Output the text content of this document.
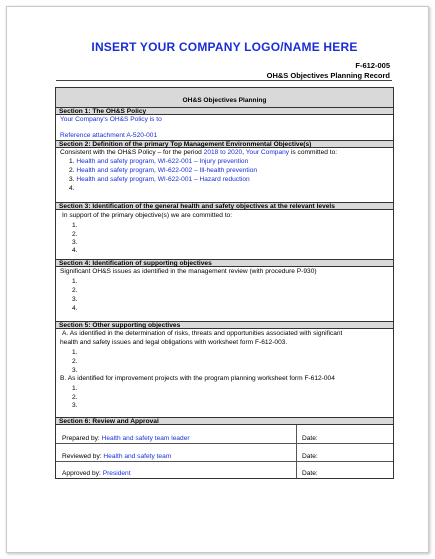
INSERT YOUR COMPANY LOGO/NAME HERE
F-612-005
OH&S Objectives Planning Record
OH&S Objectives Planning
Section 1: The OH&S Policy
Your Company's OH&S Policy is to
Reference attachment A-520-001
Section 2: Definition of the primary Top Management Environmental Objective(s)
Consistent with the OH&S Policy – for the period 2018 to 2020, Your Company is committed to:
1. Health and safety program, WI-622-001 – Injury prevention
2. Health and safety program, WI-622-002 – Ill-health prevention
3. Health and safety program, WI-622-001 – Hazard reduction
4.
Section 3: Identification of the general health and safety objectives at the relevant levels
In support of the primary objective(s) we are committed to:
1.
2.
3.
4.
Section 4: Identification of supporting objectives
Significant OH&S issues as identified in the management review (with procedure P-930)
1.
2.
3.
4.
Section 5: Other supporting objectives
A. As identified in the determination of risks, threats and opportunities associated with significant
health and safety issues and legal obligations with worksheet form F-612-003.
1.
2.
3.
B. As identified for improvement projects with the program planning worksheet form F-612-004
1.
2.
3.
Section 6: Review and Approval
Prepared by: Health and safety team leader	Date:
Reviewed by: Health and safety team	Date:
Approved by: President	Date:
